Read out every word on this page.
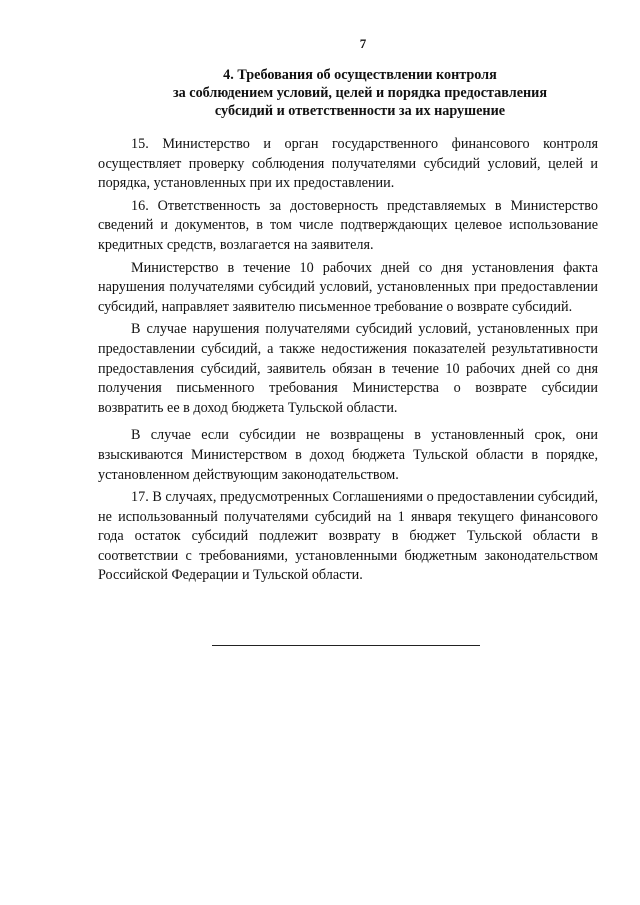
7
4. Требования об осуществлении контроля
за соблюдением условий, целей и порядка предоставления
субсидий и ответственности за их нарушение

15. Министерство и орган государственного финансового контроля осуществляет проверку соблюдения получателями субсидий условий, целей и порядка, установленных при их предоставлении.

16. Ответственность за достоверность представляемых в Министерство сведений и документов, в том числе подтверждающих целевое использование кредитных средств, возлагается на заявителя.

Министерство в течение 10 рабочих дней со дня установления факта нарушения получателями субсидий условий, установленных при предоставлении субсидий, направляет заявителю письменное требование о возврате субсидий.

В случае нарушения получателями субсидий условий, установленных при предоставлении субсидий, а также недостижения показателей результативности предоставления субсидий, заявитель обязан в течение 10 рабочих дней со дня получения письменного требования Министерства о возврате субсидии возвратить ее в доход бюджета Тульской области.

В случае если субсидии не возвращены в установленный срок, они взыскиваются Министерством в доход бюджета Тульской области в порядке, установленном действующим законодательством.

17. В случаях, предусмотренных Соглашениями о предоставлении субсидий, не использованный получателями субсидий на 1 января текущего финансового года остаток субсидий подлежит возврату в бюджет Тульской области в соответствии с требованиями, установленными бюджетным законодательством Российской Федерации и Тульской области.
